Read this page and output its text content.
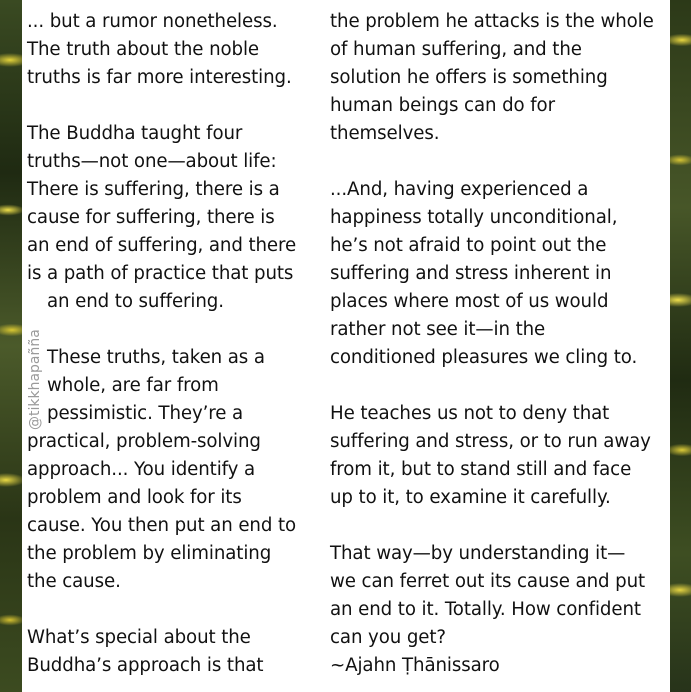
... but a rumor nonetheless.
The truth about the noble
truths is far more interesting.
The Buddha taught four
truths—not one—about life:
There is suffering, there is a
cause for suffering, there is
an end of suffering, and there
is a path of practice that puts
an end to suffering.
These truths, taken as a
whole, are far from
pessimistic. They’re a
practical, problem-solving
approach... You identify a
problem and look for its
cause. You then put an end to
the problem by eliminating
the cause.
What’s special about the
Buddha’s approach is that
the problem he attacks is the whole
of human suffering, and the
solution he offers is something
human beings can do for
themselves.
...And, having experienced a
happiness totally unconditional,
he’s not afraid to point out the
suffering and stress inherent in
places where most of us would
rather not see it—in the
conditioned pleasures we cling to.
He teaches us not to deny that
suffering and stress, or to run away
from it, but to stand still and face
up to it, to examine it carefully.
That way—by understanding it—
we can ferret out its cause and put
an end to it. Totally. How confident
can you get?
~Ajahn Ṭhānissaro
@tikkhapañña
